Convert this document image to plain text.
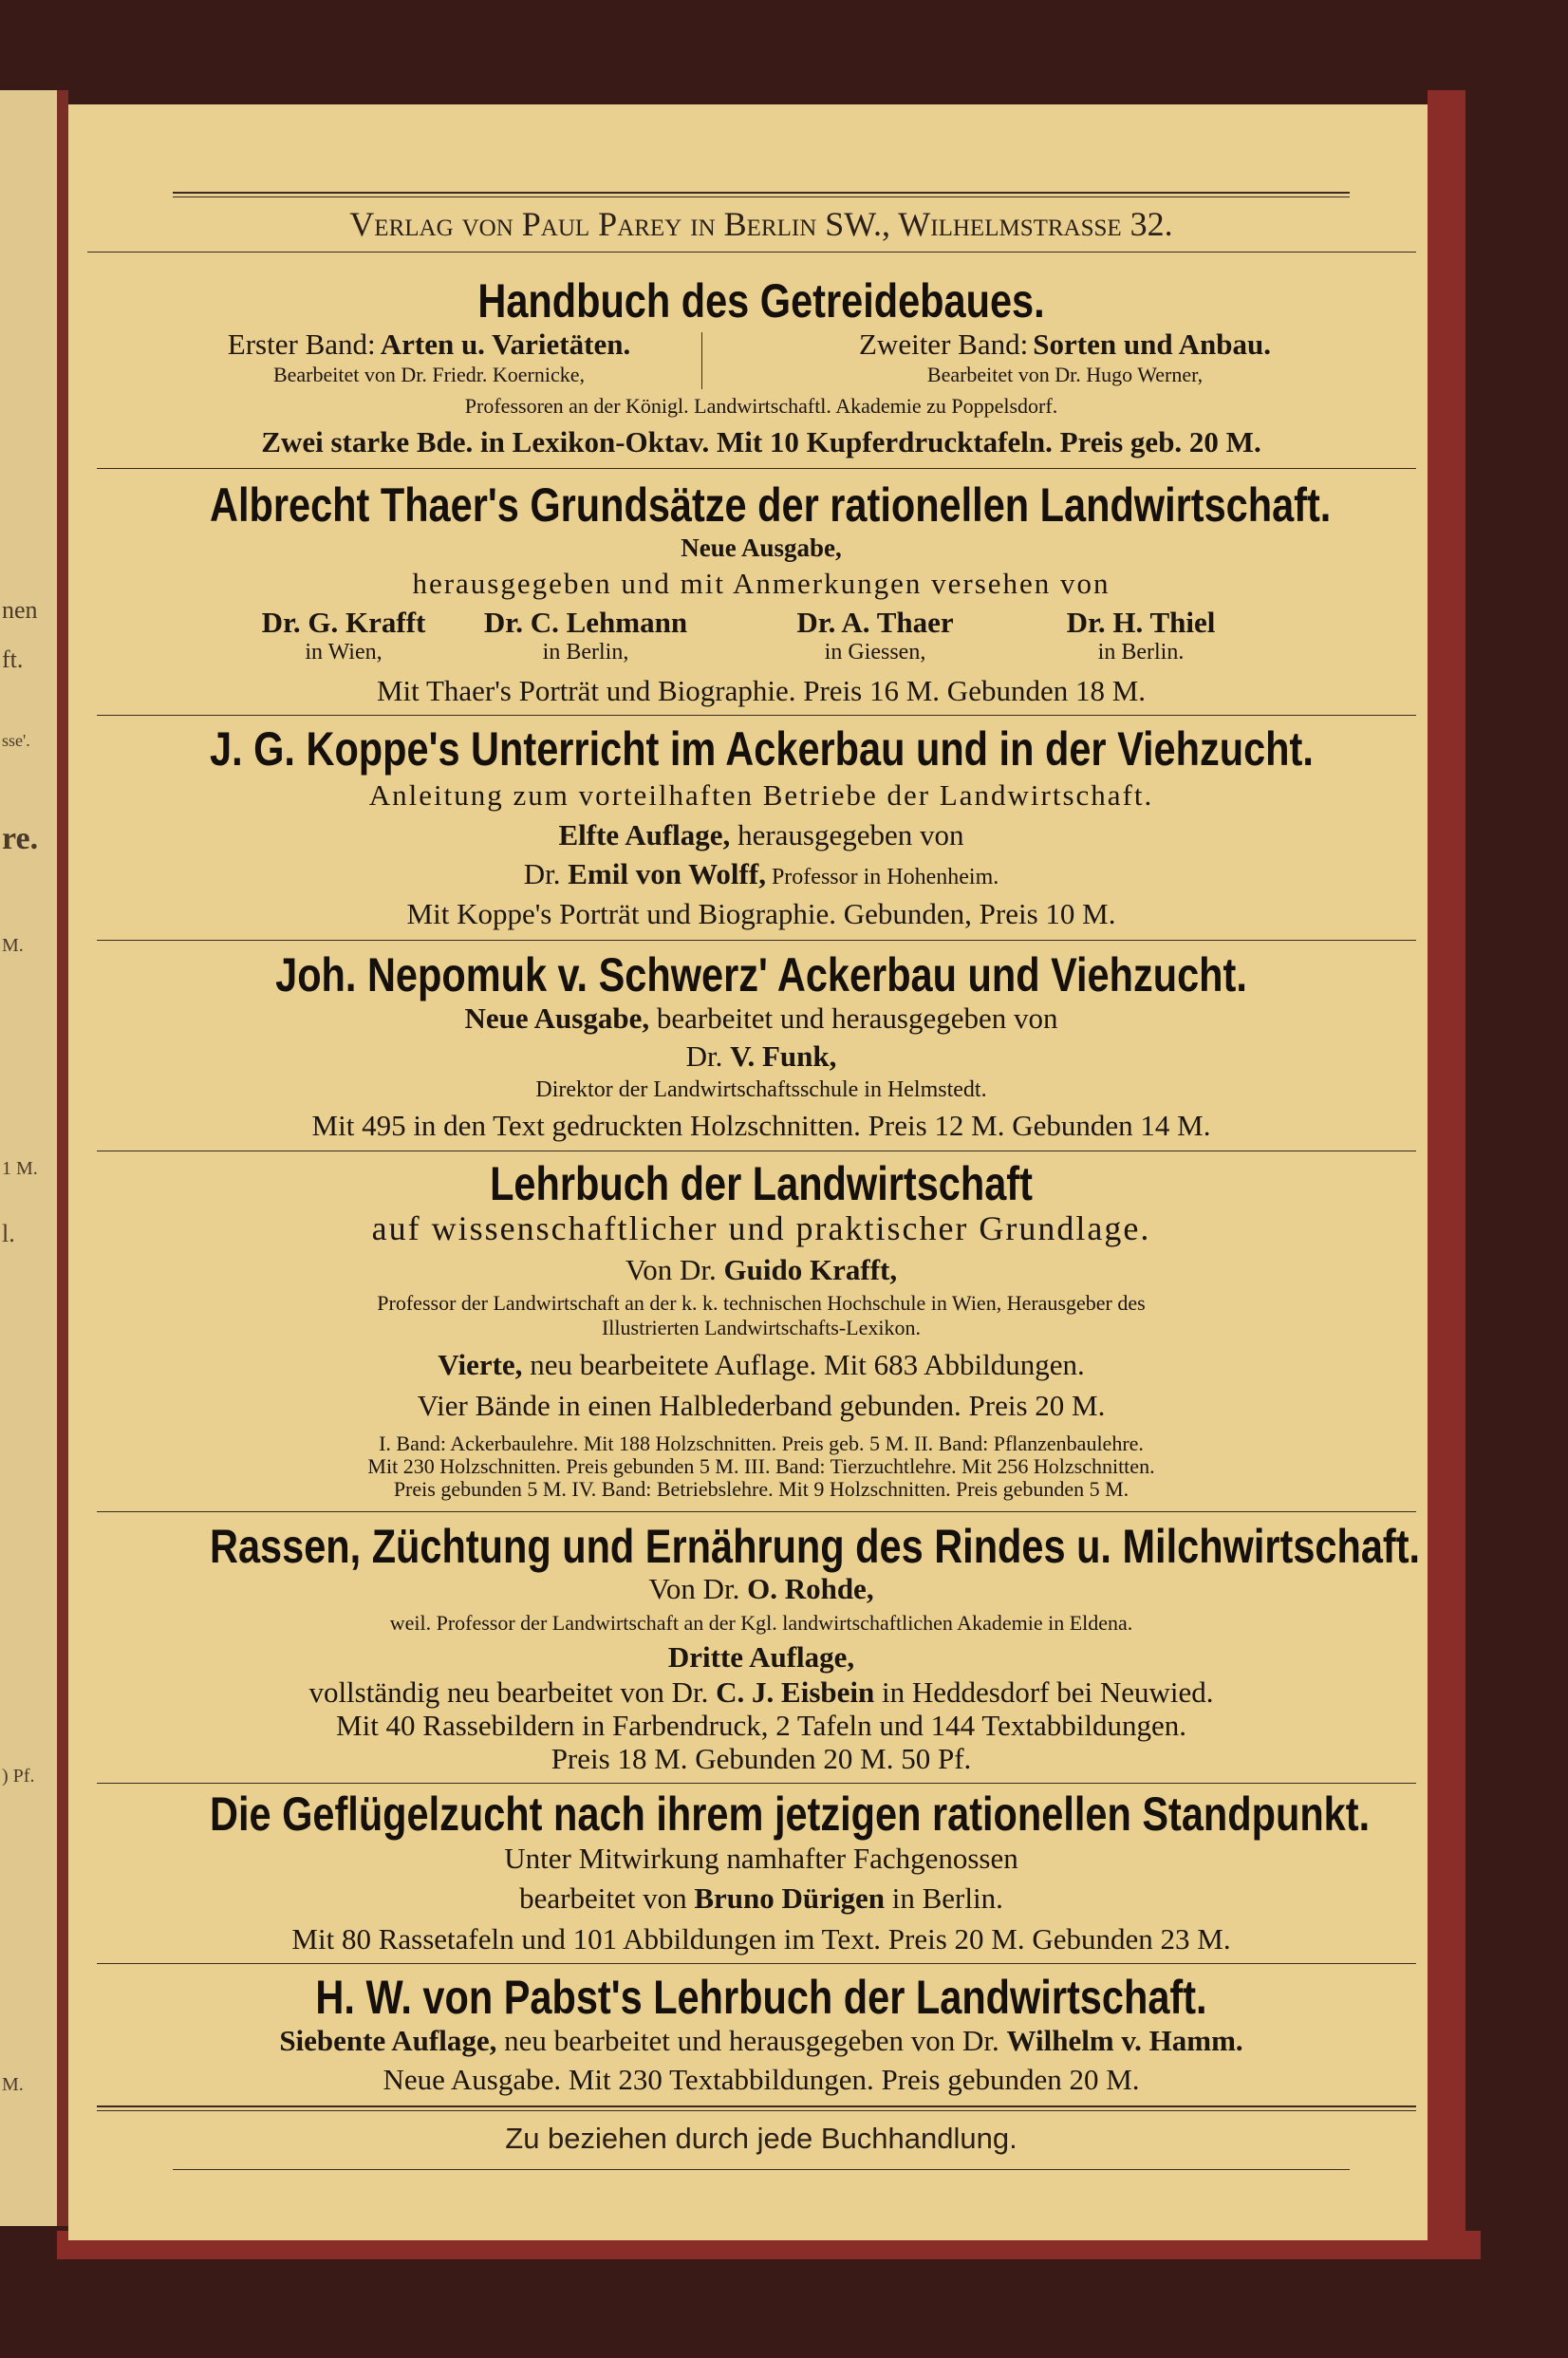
nen
ft.
sse'.
re.
M.
1 M.
l.
) Pf.
M.
Verlag von Paul Parey in Berlin SW., Wilhelmstrasse 32.
Handbuch des Getreidebaues.
Erster Band: Arten u. Varietäten.
Bearbeitet von Dr. Friedr. Koernicke,
Zweiter Band: Sorten und Anbau.
Bearbeitet von Dr. Hugo Werner,
Professoren an der Königl. Landwirtschaftl. Akademie zu Poppelsdorf.
Zwei starke Bde. in Lexikon-Oktav. Mit 10 Kupferdrucktafeln. Preis geb. 20 M.
Albrecht Thaer's Grundsätze der rationellen Landwirtschaft.
Neue Ausgabe,
herausgegeben und mit Anmerkungen versehen von
Dr. G. Krafft
in Wien,
Dr. C. Lehmann
in Berlin,
Dr. A. Thaer
in Giessen,
Dr. H. Thiel
in Berlin.
Mit Thaer's Porträt und Biographie. Preis 16 M. Gebunden 18 M.
J. G. Koppe's Unterricht im Ackerbau und in der Viehzucht.
Anleitung zum vorteilhaften Betriebe der Landwirtschaft.
Elfte Auflage, herausgegeben von
Dr. Emil von Wolff, Professor in Hohenheim.
Mit Koppe's Porträt und Biographie. Gebunden, Preis 10 M.
Joh. Nepomuk v. Schwerz' Ackerbau und Viehzucht.
Neue Ausgabe, bearbeitet und herausgegeben von
Dr. V. Funk,
Direktor der Landwirtschaftsschule in Helmstedt.
Mit 495 in den Text gedruckten Holzschnitten. Preis 12 M. Gebunden 14 M.
Lehrbuch der Landwirtschaft
auf wissenschaftlicher und praktischer Grundlage.
Von Dr. Guido Krafft,
Professor der Landwirtschaft an der k. k. technischen Hochschule in Wien, Herausgeber des
Illustrierten Landwirtschafts-Lexikon.
Vierte, neu bearbeitete Auflage. Mit 683 Abbildungen.
Vier Bände in einen Halblederband gebunden. Preis 20 M.
I. Band: Ackerbaulehre. Mit 188 Holzschnitten. Preis geb. 5 M. II. Band: Pflanzenbaulehre.
Mit 230 Holzschnitten. Preis gebunden 5 M. III. Band: Tierzuchtlehre. Mit 256 Holzschnitten.
Preis gebunden 5 M. IV. Band: Betriebslehre. Mit 9 Holzschnitten. Preis gebunden 5 M.
Rassen, Züchtung und Ernährung des Rindes u. Milchwirtschaft.
Von Dr. O. Rohde,
weil. Professor der Landwirtschaft an der Kgl. landwirtschaftlichen Akademie in Eldena.
Dritte Auflage,
vollständig neu bearbeitet von Dr. C. J. Eisbein in Heddesdorf bei Neuwied.
Mit 40 Rassebildern in Farbendruck, 2 Tafeln und 144 Textabbildungen.
Preis 18 M. Gebunden 20 M. 50 Pf.
Die Geflügelzucht nach ihrem jetzigen rationellen Standpunkt.
Unter Mitwirkung namhafter Fachgenossen
bearbeitet von Bruno Dürigen in Berlin.
Mit 80 Rassetafeln und 101 Abbildungen im Text. Preis 20 M. Gebunden 23 M.
H. W. von Pabst's Lehrbuch der Landwirtschaft.
Siebente Auflage, neu bearbeitet und herausgegeben von Dr. Wilhelm v. Hamm.
Neue Ausgabe. Mit 230 Textabbildungen. Preis gebunden 20 M.
Zu beziehen durch jede Buchhandlung.
